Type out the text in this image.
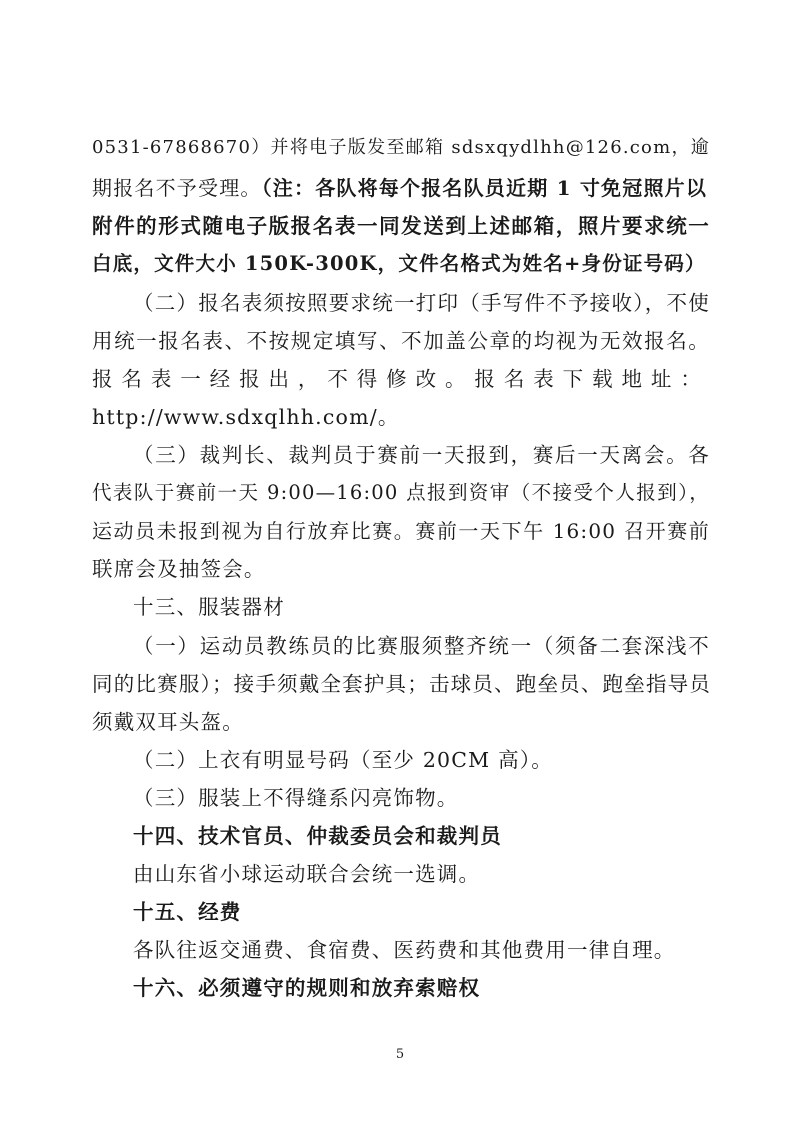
0531-67868670）并将电子版发至邮箱 sdsxqydlhh@126.com，逾
期报名不予受理。（注：各队将每个报名队员近期 1 寸免冠照片以
附件的形式随电子版报名表一同发送到上述邮箱，照片要求统一
白底，文件大小 150K-300K，文件名格式为姓名+身份证号码）
（二）报名表须按照要求统一打印（手写件不予接收），不使
用统一报名表、不按规定填写、不加盖公章的均视为无效报名。
报 名 表 一 经 报 出 ， 不 得 修 改 。 报 名 表 下 载 地 址 ：
http://www.sdxqlhh.com/。
（三）裁判长、裁判员于赛前一天报到，赛后一天离会。各
代表队于赛前一天 9:00—16:00 点报到资审（不接受个人报到），
运动员未报到视为自行放弃比赛。赛前一天下午 16:00 召开赛前
联席会及抽签会。
十三、服装器材
（一）运动员教练员的比赛服须整齐统一（须备二套深浅不
同的比赛服）；接手须戴全套护具；击球员、跑垒员、跑垒指导员
须戴双耳头盔。
（二）上衣有明显号码（至少 20CM 高）。
（三）服装上不得缝系闪亮饰物。
十四、技术官员、仲裁委员会和裁判员
由山东省小球运动联合会统一选调。
十五、经费
各队往返交通费、食宿费、医药费和其他费用一律自理。
十六、必须遵守的规则和放弃索赔权
5
